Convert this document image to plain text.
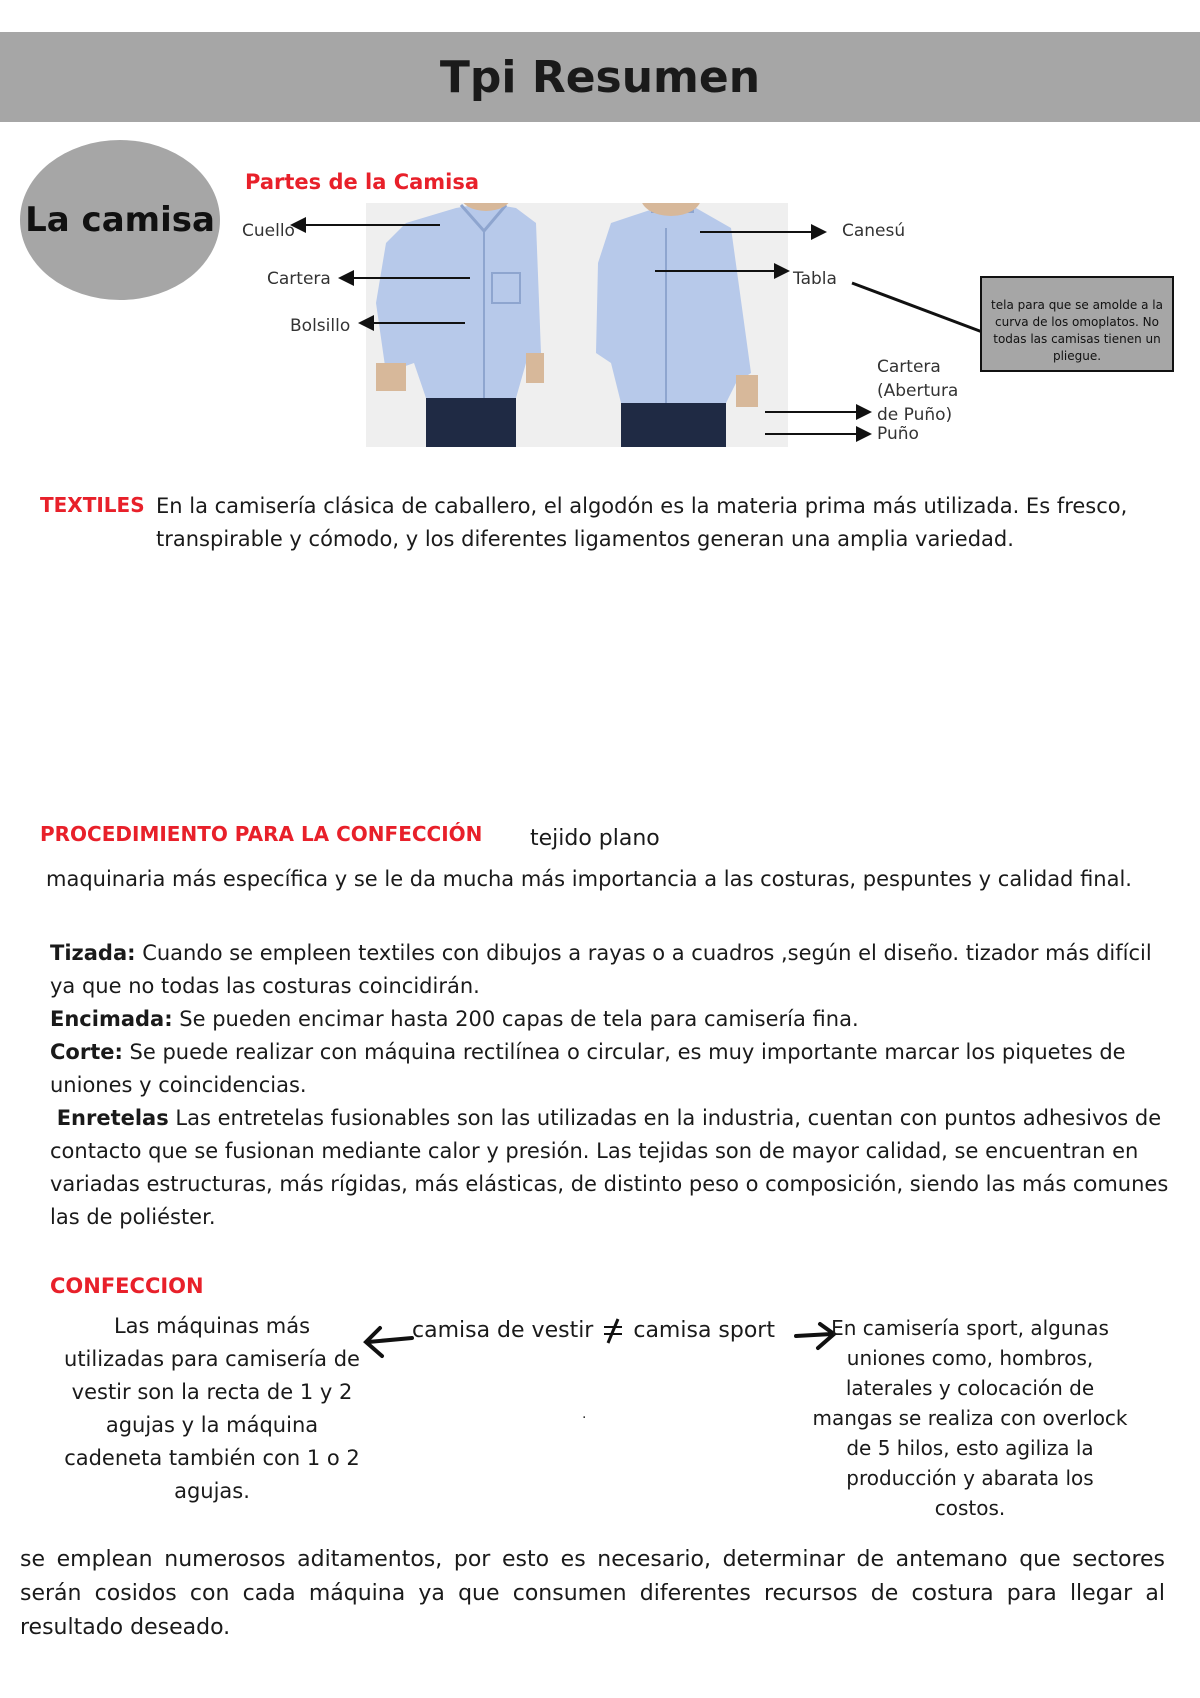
Tpi Resumen
La camisa
Partes de la Camisa
Cuello
Cartera
Bolsillo
Canesú
Tabla
Cartera
(Abertura
de Puño)
Puño
tela para que se amolde a la curva de los omoplatos. No todas las camisas tienen un pliegue.
TEXTILES En la camisería clásica de caballero, el algodón es la materia prima más utilizada. Es fresco, transpirable y cómodo, y los diferentes ligamentos generan una amplia variedad.
PROCEDIMIENTO PARA LA CONFECCIÓN tejido plano
maquinaria más específica y se le da mucha más importancia a las costuras, pespuntes y calidad final.

Tizada: Cuando se empleen textiles con dibujos a rayas o a cuadros ,según el diseño. tizador más difícil ya que no todas las costuras coincidirán.

Encimada: Se pueden encimar hasta 200 capas de tela para camisería fina.

Corte: Se puede realizar con máquina rectilínea o circular, es muy importante marcar los piquetes de uniones y coincidencias.

Enretelas Las entretelas fusionables son las utilizadas en la industria, cuentan con puntos adhesivos de contacto que se fusionan mediante calor y presión. Las tejidas son de mayor calidad, se encuentran en variadas estructuras, más rígidas, más elásticas, de distinto peso o composición, siendo las más comunes las de poliéster.

CONFECCION
Las máquinas más utilizadas para camisería de vestir son la recta de 1 y 2 agujas y la máquina cadeneta también con 1 o 2 agujas.
camisa de vestir camisa sport
.
En camisería sport, algunas uniones como, hombros, laterales y colocación de mangas se realiza con overlock de 5 hilos, esto agiliza la producción y abarata los costos.
se emplean numerosos aditamentos, por esto es necesario, determinar de antemano que sectores serán cosidos con cada máquina ya que consumen diferentes recursos de costura para llegar al resultado deseado.
